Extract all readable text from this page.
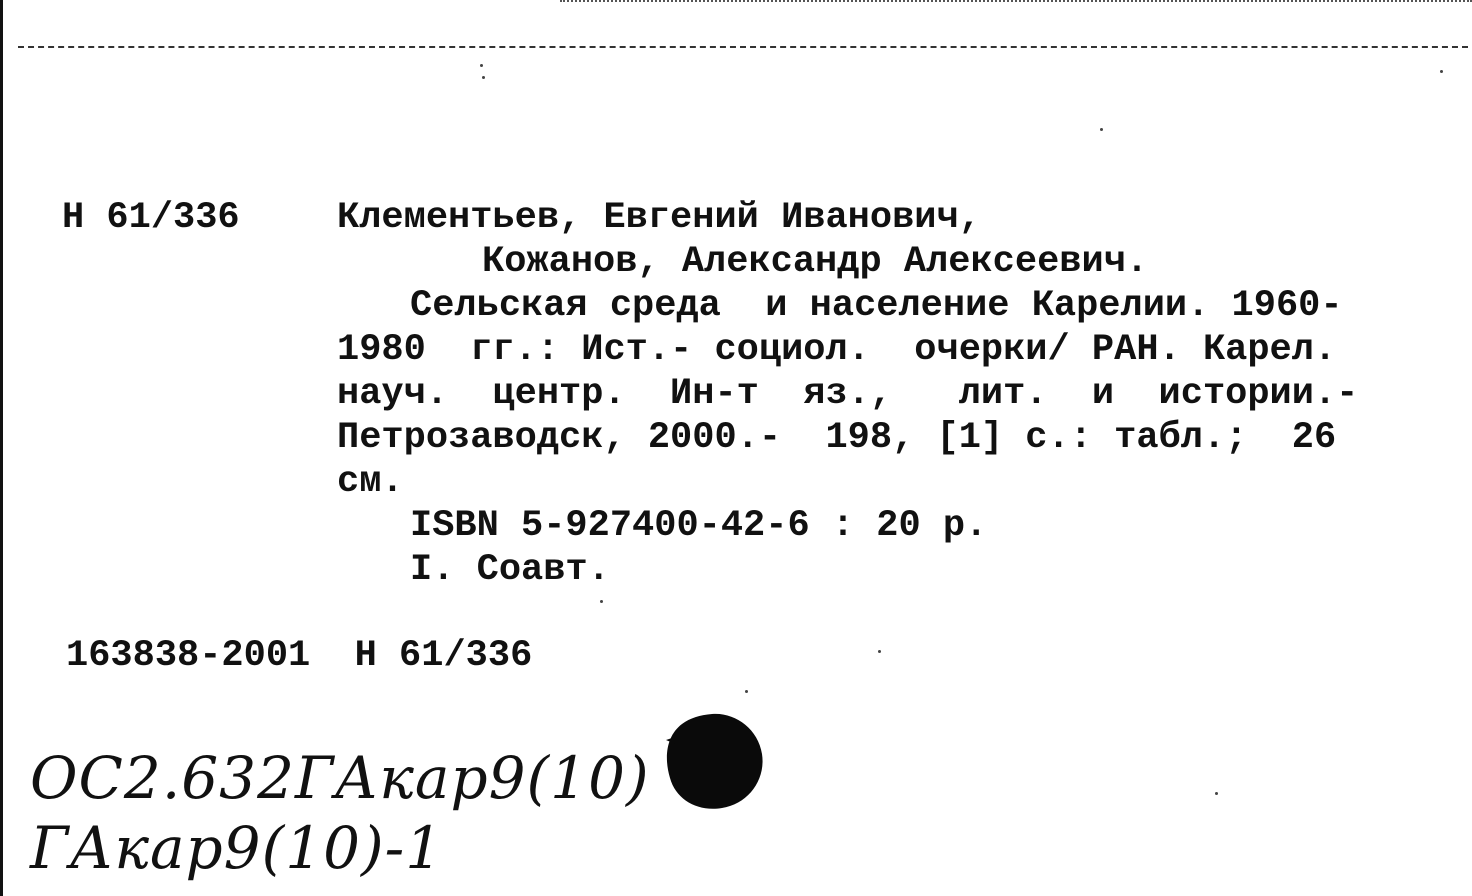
Н 61/336	Клементьев, Евгений Иванович,
Кожанов, Александр Алексеевич.
Сельская среда  и население Карелии. 1960-
1980  гг.: Ист.- социол.  очерки/ РАН. Карел.
науч.  центр.  Ин-т  яз.,   лит.  и  истории.-
Петрозаводск, 2000.-  198, [1] с.: табл.;  26
см.
ISBN 5-927400-42-6 : 20 р.
I. Соавт.
163838-2001  Н 61/336
ОС2.632ГАкар9(10)
ГАкар9(10)-1
